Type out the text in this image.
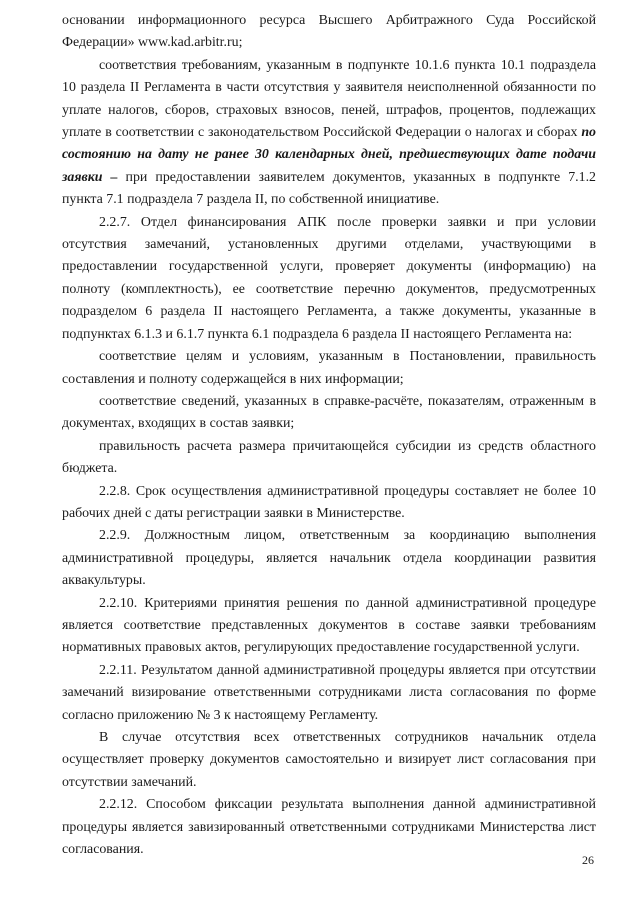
основании информационного ресурса Высшего Арбитражного Суда Российской Федерации» www.kad.arbitr.ru;

соответствия требованиям, указанным в подпункте 10.1.6 пункта 10.1 подраздела 10 раздела II Регламента в части отсутствия у заявителя неисполненной обязанности по уплате налогов, сборов, страховых взносов, пеней, штрафов, процентов, подлежащих уплате в соответствии с законодательством Российской Федерации о налогах и сборах по состоянию на дату не ранее 30 календарных дней, предшествующих дате подачи заявки – при предоставлении заявителем документов, указанных в подпункте 7.1.2 пункта 7.1 подраздела 7 раздела II, по собственной инициативе.

2.2.7. Отдел финансирования АПК после проверки заявки и при условии отсутствия замечаний, установленных другими отделами, участвующими в предоставлении государственной услуги, проверяет документы (информацию) на полноту (комплектность), ее соответствие перечню документов, предусмотренных подразделом 6 раздела II настоящего Регламента, а также документы, указанные в подпунктах 6.1.3 и 6.1.7 пункта 6.1 подраздела 6 раздела II настоящего Регламента на:

соответствие целям и условиям, указанным в Постановлении, правильность составления и полноту содержащейся в них информации;

соответствие сведений, указанных в справке-расчёте, показателям, отраженным в документах, входящих в состав заявки;

правильность расчета размера причитающейся субсидии из средств областного бюджета.

2.2.8. Срок осуществления административной процедуры составляет не более 10 рабочих дней с даты регистрации заявки в Министерстве.

2.2.9. Должностным лицом, ответственным за координацию выполнения административной процедуры, является начальник отдела координации развития аквакультуры.

2.2.10. Критериями принятия решения по данной административной процедуре является соответствие представленных документов в составе заявки требованиям нормативных правовых актов, регулирующих предоставление государственной услуги.

2.2.11. Результатом данной административной процедуры является при отсутствии замечаний визирование ответственными сотрудниками листа согласования по форме согласно приложению № 3 к настоящему Регламенту.

В случае отсутствия всех ответственных сотрудников начальник отдела осуществляет проверку документов самостоятельно и визирует лист согласования при отсутствии замечаний.

2.2.12. Способом фиксации результата выполнения данной административной процедуры является завизированный ответственными сотрудниками Министерства лист согласования.

26
